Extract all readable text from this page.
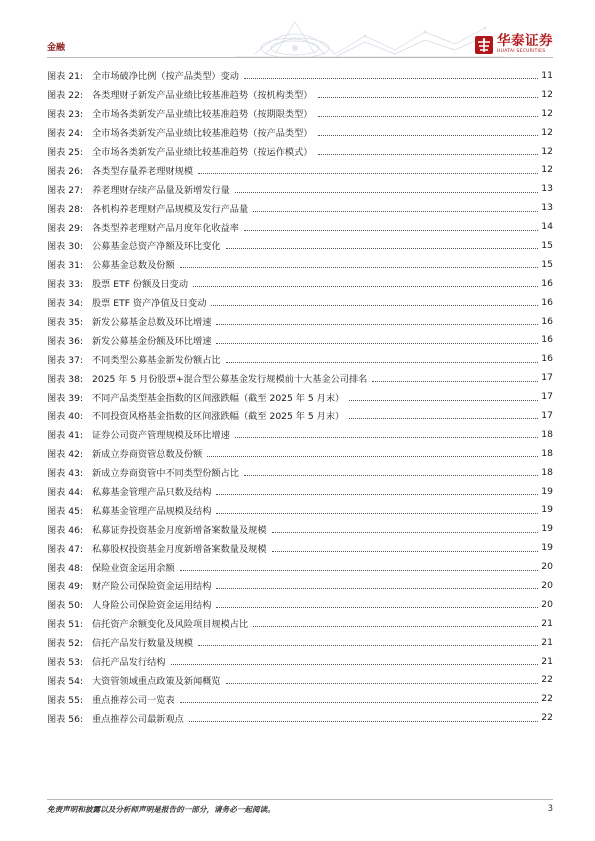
金融	华泰证券
HUATAI SECURITIES
图表 21: 全市场破净比例（按产品类型）变动	11
图表 22: 各类理财子新发产品业绩比较基准趋势（按机构类型）	12
图表 23: 全市场各类新发产品业绩比较基准趋势（按期限类型）	12
图表 24: 全市场各类新发产品业绩比较基准趋势（按产品类型）	12
图表 25: 全市场各类新发产品业绩比较基准趋势（按运作模式）	12
图表 26: 各类型存量养老理财规模	12
图表 27: 养老理财存续产品量及新增发行量	13
图表 28: 各机构养老理财产品规模及发行产品量	13
图表 29: 各类型养老理财产品月度年化收益率	14
图表 30: 公募基金总资产净额及环比变化	15
图表 31: 公募基金总数及份额	15
图表 33: 股票 ETF 份额及日变动	16
图表 34: 股票 ETF 资产净值及日变动	16
图表 35: 新发公募基金总数及环比增速	16
图表 36: 新发公募基金份额及环比增速	16
图表 37: 不同类型公募基金新发份额占比	16
图表 38: 2025 年 5 月份股票+混合型公募基金发行规模前十大基金公司排名	17
图表 39: 不同产品类型基金指数的区间涨跌幅（截至 2025 年 5 月末）	17
图表 40: 不同投资风格基金指数的区间涨跌幅（截至 2025 年 5 月末）	17
图表 41: 证券公司资产管理规模及环比增速	18
图表 42: 新成立券商资管总数及份额	18
图表 43: 新成立券商资管中不同类型份额占比	18
图表 44: 私募基金管理产品只数及结构	19
图表 45: 私募基金管理产品规模及结构	19
图表 46: 私募证券投资基金月度新增备案数量及规模	19
图表 47: 私募股权投资基金月度新增备案数量及规模	19
图表 48: 保险业资金运用余额	20
图表 49: 财产险公司保险资金运用结构	20
图表 50: 人身险公司保险资金运用结构	20
图表 51: 信托资产余额变化及风险项目规模占比	21
图表 52: 信托产品发行数量及规模	21
图表 53: 信托产品发行结构	21
图表 54: 大资管领域重点政策及新闻概览	22
图表 55: 重点推荐公司一览表	22
图表 56: 重点推荐公司最新观点	22
免责声明和披露以及分析师声明是报告的一部分，请务必一起阅读。	3
